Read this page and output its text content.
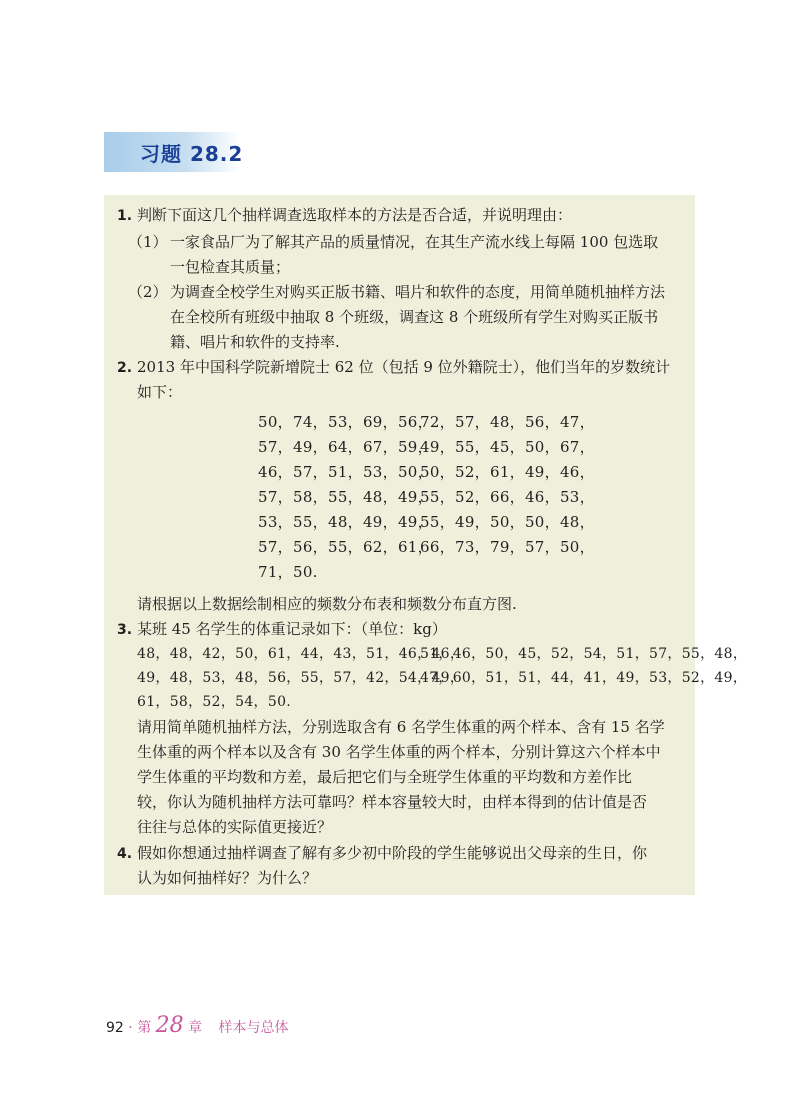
习题 28.2
1. 判断下面这几个抽样调查选取样本的方法是否合适，并说明理由：
（1） 一家食品厂为了解其产品的质量情况，在其生产流水线上每隔 100 包选取
一包检查其质量；
（2） 为调查全校学生对购买正版书籍、唱片和软件的态度，用简单随机抽样方法
在全校所有班级中抽取 8 个班级，调查这 8 个班级所有学生对购买正版书
籍、唱片和软件的支持率.
2. 2013 年中国科学院新增院士 62 位（包括 9 位外籍院士），他们当年的岁数统计
如下：
50，74，53，69，56，
57，49，64，67，59，
46，57，51，53，50，
57，58，55，48，49，
53，55，48，49，49，
57，56，55，62，61，
71，50.
72，57，48，56，47，
49，55，45，50，67，
50，52，61，49，46，
55，52，66，46，53，
55，49，50，50，48，
66，73，79，57，50，
请根据以上数据绘制相应的频数分布表和频数分布直方图.
3. 某班 45 名学生的体重记录如下：（单位：kg）
48，48，42，50，61，44，43，51，46，46，
49，48，53，48，56，55，57，42，54，49，
61，58，52，54，50.
51，46，50，45，52，54，51，57，55，48，
47，60，51，51，44，41，49，53，52，49，
请用简单随机抽样方法，分别选取含有 6 名学生体重的两个样本、含有 15 名学
生体重的两个样本以及含有 30 名学生体重的两个样本，分别计算这六个样本中
学生体重的平均数和方差，最后把它们与全班学生体重的平均数和方差作比
较，你认为随机抽样方法可靠吗？样本容量较大时，由样本得到的估计值是否
往往与总体的实际值更接近？
4. 假如你想通过抽样调查了解有多少初中阶段的学生能够说出父母亲的生日，你
认为如何抽样好？为什么？
92 · 第 28 章 样本与总体
